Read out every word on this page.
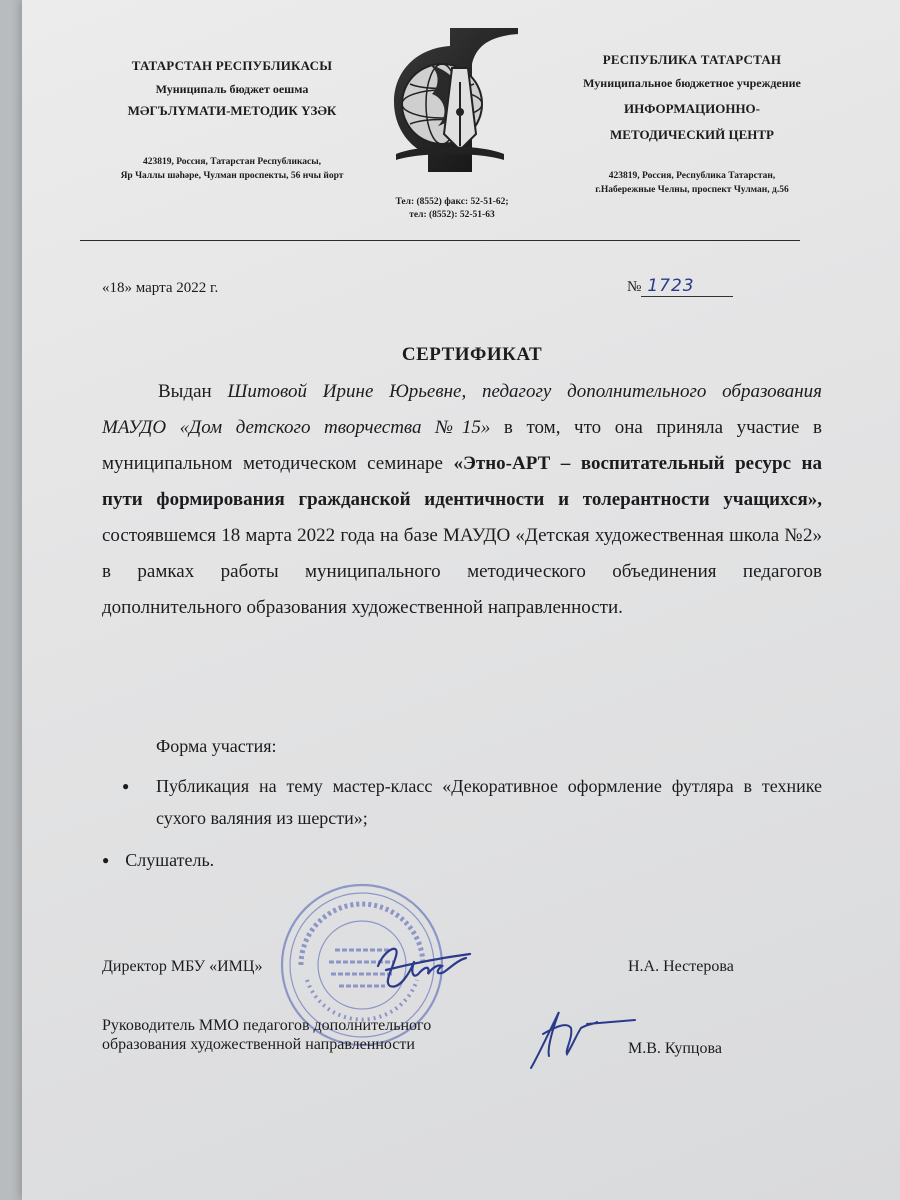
ТАТАРСТАН РЕСПУБЛИКАСЫ
Муниципаль бюджет оешма
МӘГЪЛҮМАТИ-МЕТОДИК ҮЗӘК
423819, Россия, Татарстан Республикасы,
Яр Чаллы шәһәре, Чулман проспекты, 56 нчы йорт
Тел: (8552) факс: 52-51-62;
тел: (8552): 52-51-63
РЕСПУБЛИКА ТАТАРСТАН
Муниципальное бюджетное учреждение
ИНФОРМАЦИОННО-
МЕТОДИЧЕСКИЙ ЦЕНТР
423819, Россия, Республика Татарстан,
г.Набережные Челны, проспект Чулман, д.56
«18» марта 2022 г.	№ 1723
СЕРТИФИКАТ
Выдан Шитовой Ирине Юрьевне, педагогу дополнительного образования МАУДО «Дом детского творчества №15» в том, что она приняла участие в муниципальном методическом семинаре «Этно-АРТ – воспитательный ресурс на пути формирования гражданской идентичности и толерантности учащихся», состоявшемся 18 марта 2022 года на базе МАУДО «Детская художественная школа №2» в рамках работы муниципального методического объединения педагогов дополнительного образования художественной направленности.
Форма участия:
● Публикация на тему мастер-класс «Декоративное оформление футляра в технике сухого валяния из шерсти»;
● Слушатель.
Директор МБУ «ИМЦ»	Н.А. Нестерова
Руководитель ММО педагогов дополнительного
образования художественной направленности	М.В. Купцова
